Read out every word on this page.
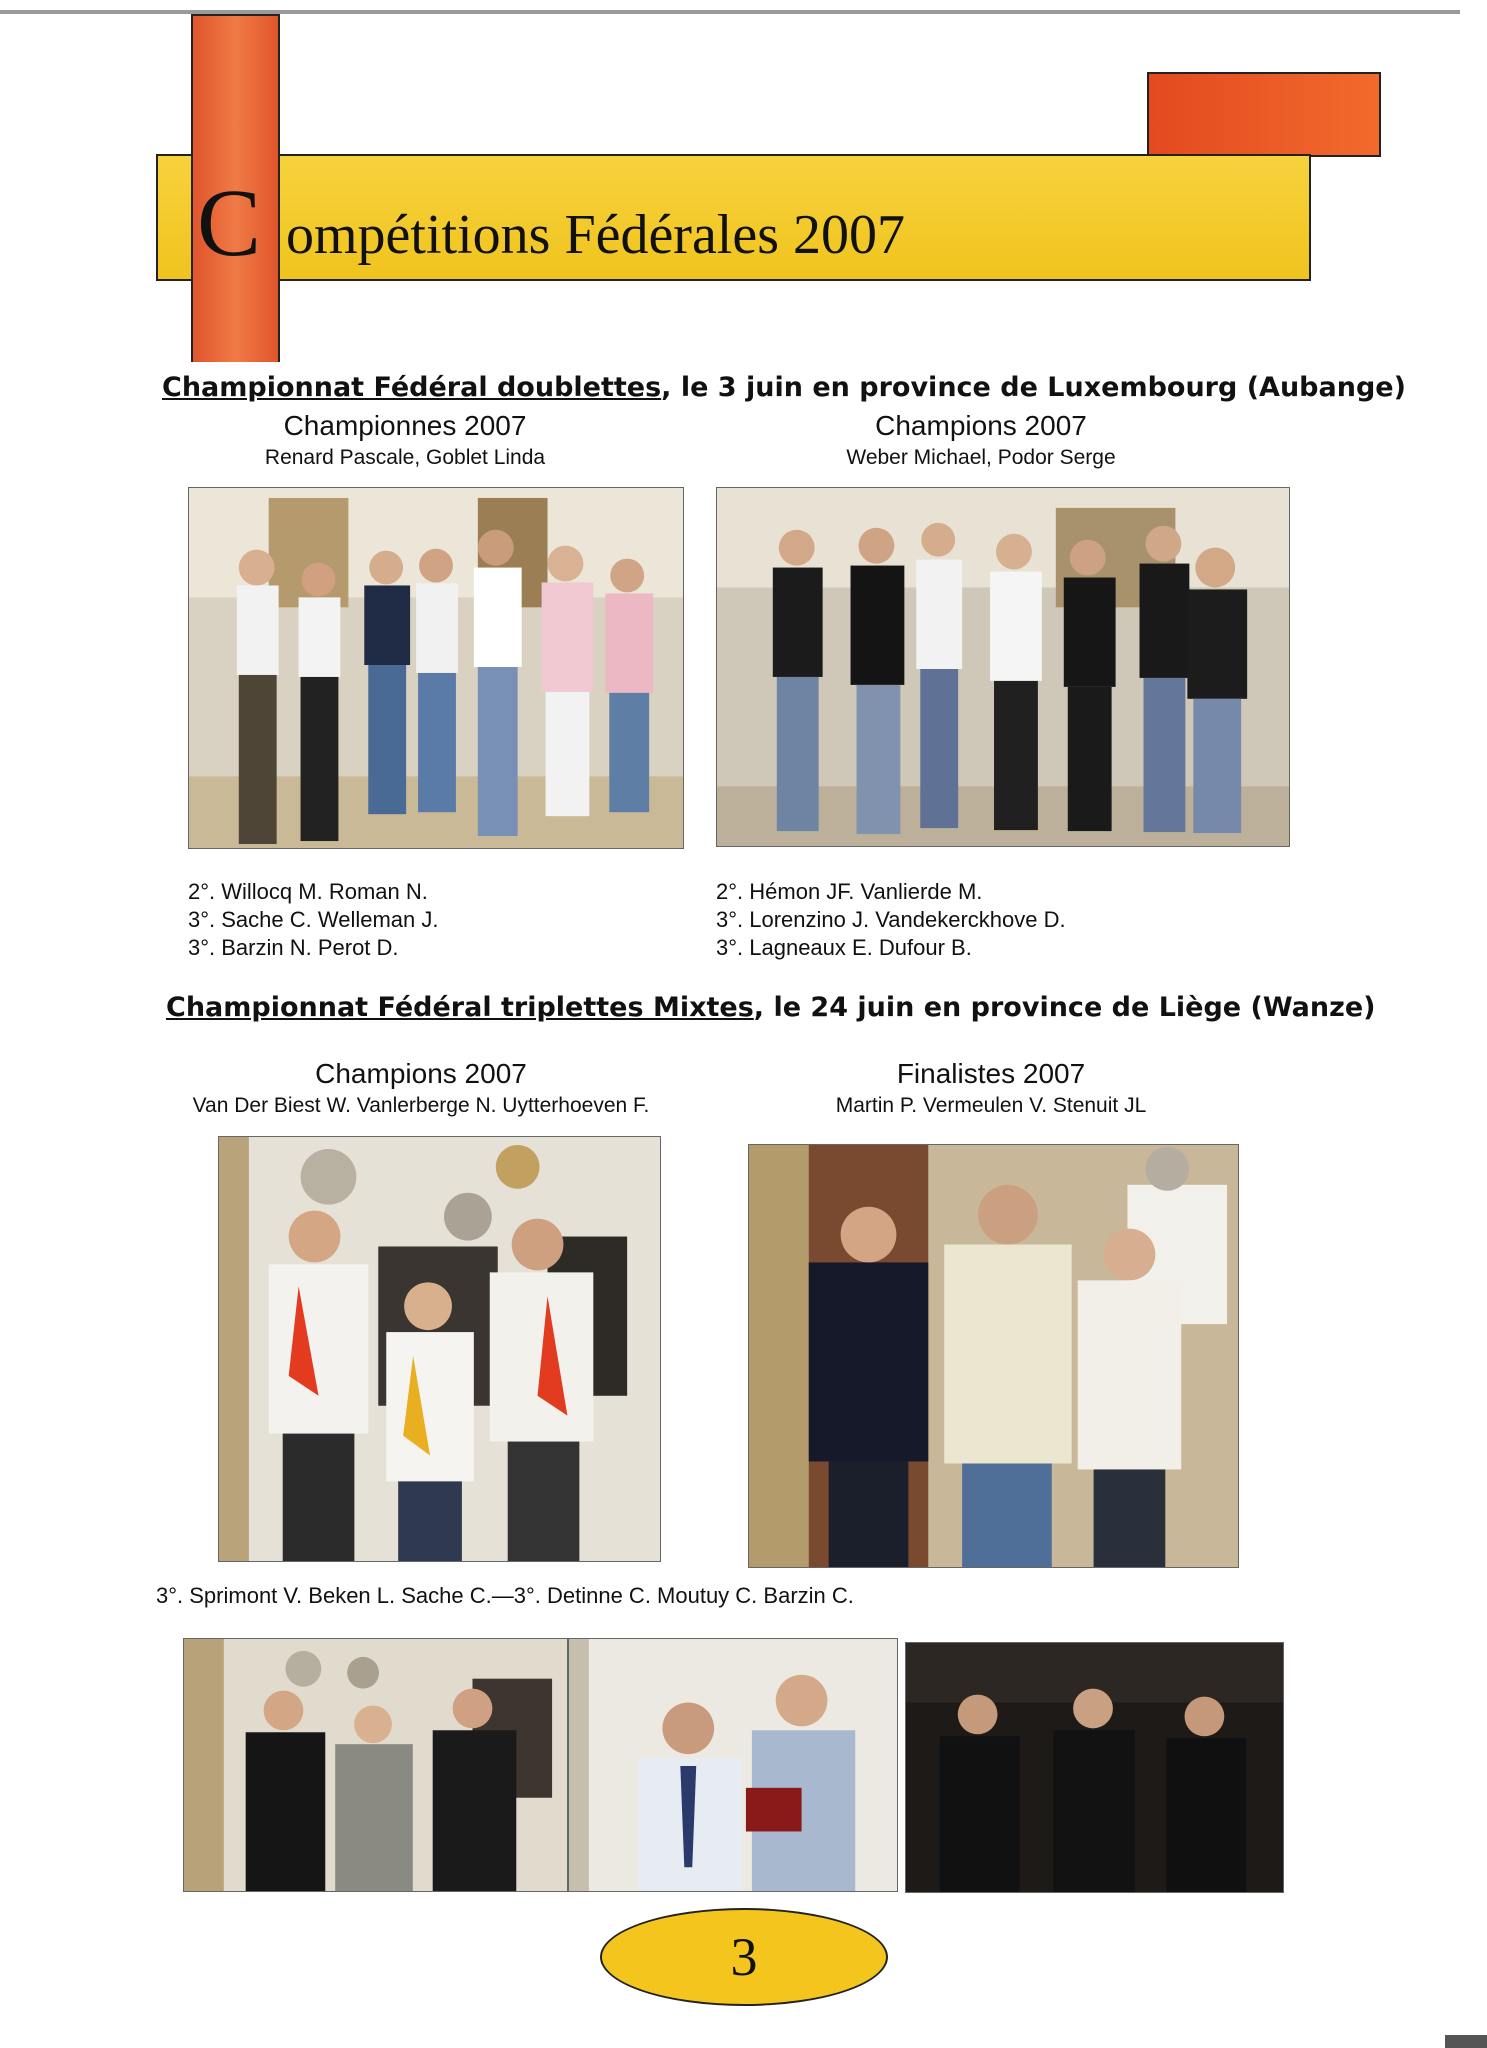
C ompétitions Fédérales 2007
Championnat Fédéral doublettes, le 3 juin en province de Luxembourg (Aubange)
Championnes 2007
Renard Pascale, Goblet Linda
Champions 2007
Weber Michael, Podor Serge
2°. Willocq M. Roman N.
3°. Sache C. Welleman J.
3°. Barzin N. Perot D.
2°. Hémon JF. Vanlierde M.
3°. Lorenzino J. Vandekerckhove D.
3°. Lagneaux E. Dufour B.
Championnat Fédéral triplettes Mixtes, le 24 juin en province de Liège (Wanze)
Champions 2007
Van Der Biest W. Vanlerberge N. Uytterhoeven F.
Finalistes 2007
Martin P. Vermeulen V. Stenuit JL
3°. Sprimont V. Beken L. Sache C.—3°. Detinne C. Moutuy C. Barzin C.
3
